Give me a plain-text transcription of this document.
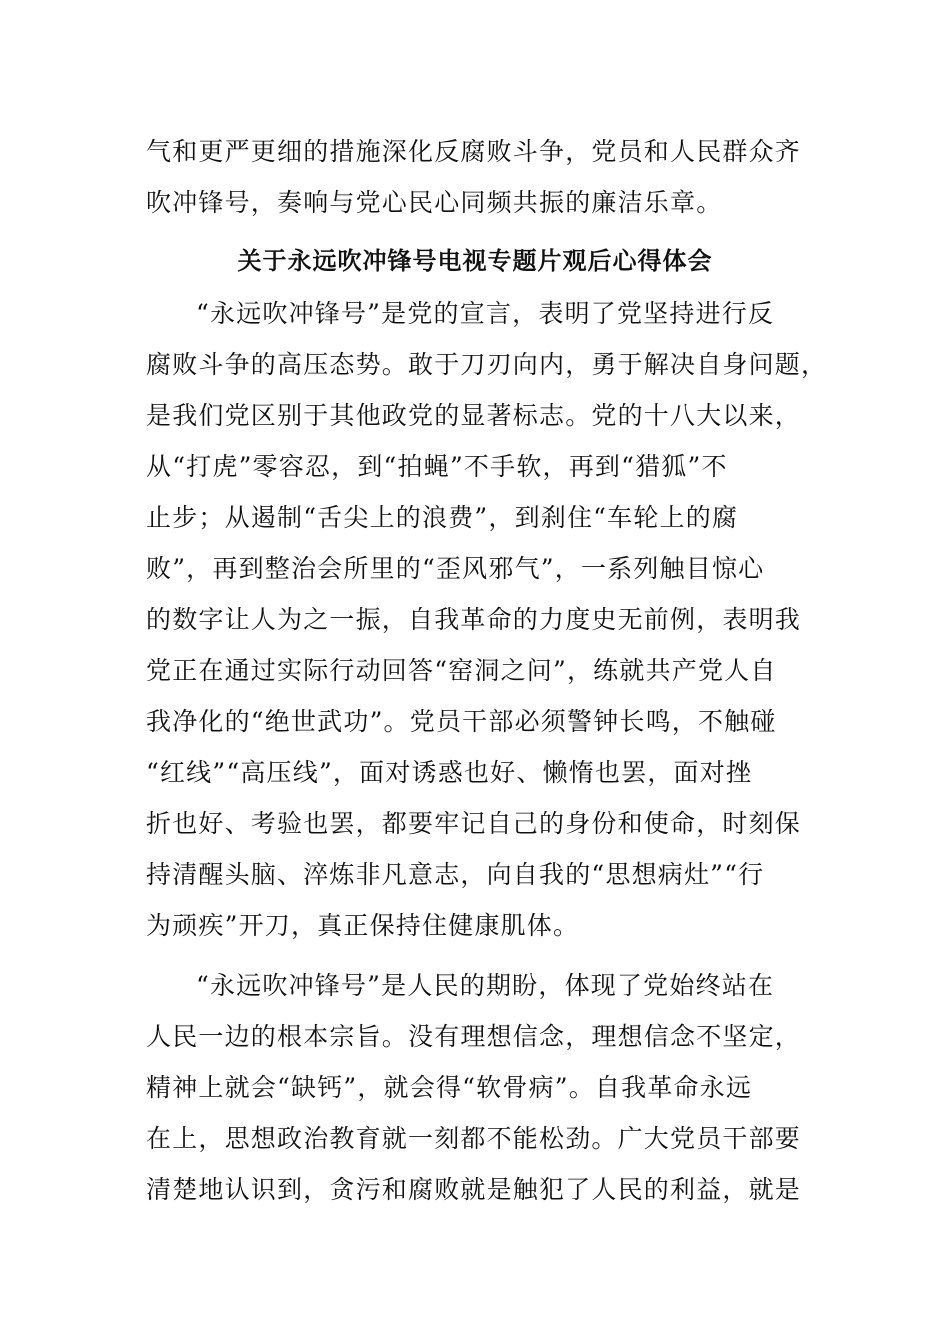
气和更严更细的措施深化反腐败斗争，党员和人民群众齐
吹冲锋号，奏响与党心民心同频共振的廉洁乐章。
关于永远吹冲锋号电视专题片观后心得体会
“永远吹冲锋号”是党的宣言，表明了党坚持进行反
腐败斗争的高压态势。敢于刀刃向内，勇于解决自身问题，
是我们党区别于其他政党的显著标志。党的十八大以来，
从“打虎”零容忍，到“拍蝇”不手软，再到“猎狐”不
止步；从遏制“舌尖上的浪费”，到刹住“车轮上的腐
败”，再到整治会所里的“歪风邪气”，一系列触目惊心
的数字让人为之一振，自我革命的力度史无前例，表明我
党正在通过实际行动回答“窑洞之问”，练就共产党人自
我净化的“绝世武功”。党员干部必须警钟长鸣，不触碰
“红线”“高压线”，面对诱惑也好、懒惰也罢，面对挫
折也好、考验也罢，都要牢记自己的身份和使命，时刻保
持清醒头脑、淬炼非凡意志，向自我的“思想病灶”“行
为顽疾”开刀，真正保持住健康肌体。
“永远吹冲锋号”是人民的期盼，体现了党始终站在
人民一边的根本宗旨。没有理想信念，理想信念不坚定，
精神上就会“缺钙”，就会得“软骨病”。自我革命永远
在上，思想政治教育就一刻都不能松劲。广大党员干部要
清楚地认识到，贪污和腐败就是触犯了人民的利益，就是
